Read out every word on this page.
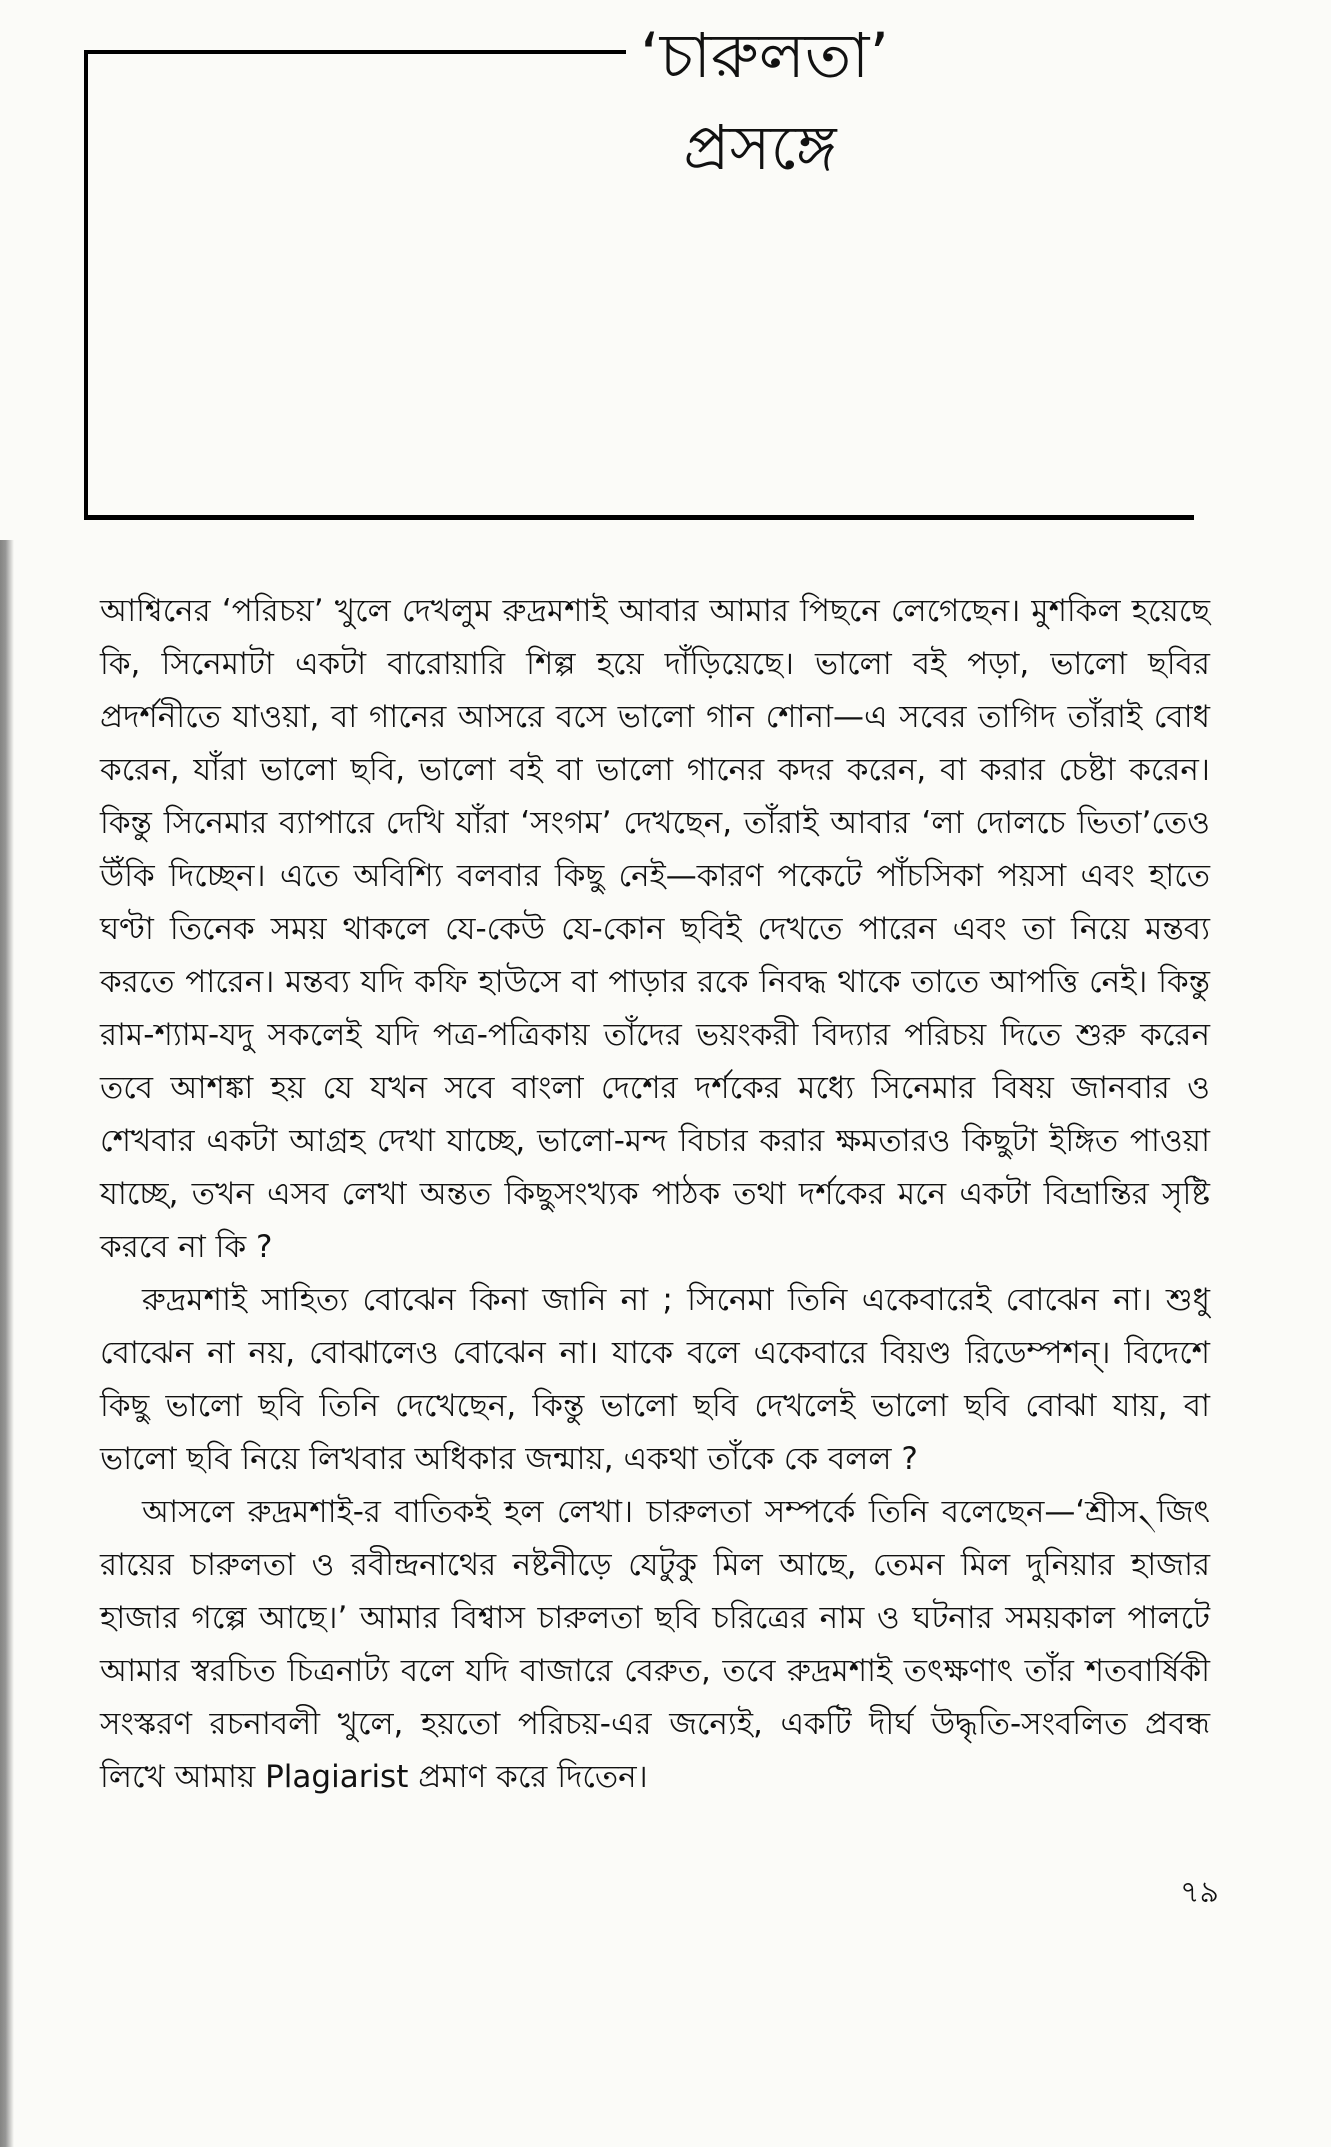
‘চারুলতা’
প্রসঙ্গে

আশ্বিনের ‘পরিচয়’ খুলে দেখলুম রুদ্রমশাই আবার আমার পিছনে লেগেছেন। মুশকিল হয়েছে কি, সিনেমাটা একটা বারোয়ারি শিল্প হয়ে দাঁড়িয়েছে। ভালো বই পড়া, ভালো ছবির প্রদর্শনীতে যাওয়া, বা গানের আসরে বসে ভালো গান শোনা—এ সবের তাগিদ তাঁরাই বোধ করেন, যাঁরা ভালো ছবি, ভালো বই বা ভালো গানের কদর করেন, বা করার চেষ্টা করেন। কিন্তু সিনেমার ব্যাপারে দেখি যাঁরা ‘সংগম’ দেখছেন, তাঁরাই আবার ‘লা দোলচে ভিতা’তেও উঁকি দিচ্ছেন। এতে অবিশ্যি বলবার কিছু নেই—কারণ পকেটে পাঁচসিকা পয়সা এবং হাতে ঘণ্টা তিনেক সময় থাকলে যে-কেউ যে-কোন ছবিই দেখতে পারেন এবং তা নিয়ে মন্তব্য করতে পারেন। মন্তব্য যদি কফি হাউসে বা পাড়ার রকে নিবদ্ধ থাকে তাতে আপত্তি নেই। কিন্তু রাম-শ্যাম-যদু সকলেই যদি পত্র-পত্রিকায় তাঁদের ভয়ংকরী বিদ্যার পরিচয় দিতে শুরু করেন তবে আশঙ্কা হয় যে যখন সবে বাংলা দেশের দর্শকের মধ্যে সিনেমার বিষয় জানবার ও শেখবার একটা আগ্রহ দেখা যাচ্ছে, ভালো-মন্দ বিচার করার ক্ষমতারও কিছুটা ইঙ্গিত পাওয়া যাচ্ছে, তখন এসব লেখা অন্তত কিছুসংখ্যক পাঠক তথা দর্শকের মনে একটা বিভ্রান্তির সৃষ্টি করবে না কি ?

রুদ্রমশাই সাহিত্য বোঝেন কিনা জানি না ; সিনেমা তিনি একেবারেই বোঝেন না। শুধু বোঝেন না নয়, বোঝালেও বোঝেন না। যাকে বলে একেবারে বিয়ণ্ড রিডেম্পশন্। বিদেশে কিছু ভালো ছবি তিনি দেখেছেন, কিন্তু ভালো ছবি দেখলেই ভালো ছবি বোঝা যায়, বা ভালো ছবি নিয়ে লিখবার অধিকার জন্মায়, একথা তাঁকে কে বলল ?

আসলে রুদ্রমশাই-র বাতিকই হল লেখা। চারুলতা সম্পর্কে তিনি বলেছেন—‘শ্রীস৲জিৎ রায়ের চারুলতা ও রবীন্দ্রনাথের নষ্টনীড়ে যেটুকু মিল আছে, তেমন মিল দুনিয়ার হাজার হাজার গল্পে আছে।’ আমার বিশ্বাস চারুলতা ছবি চরিত্রের নাম ও ঘটনার সময়কাল পালটে আমার স্বরচিত চিত্রনাট্য বলে যদি বাজারে বেরুত, তবে রুদ্রমশাই তৎক্ষণাৎ তাঁর শতবার্ষিকী সংস্করণ রচনাবলী খুলে, হয়তো পরিচয়-এর জন্যেই, একটি দীর্ঘ উদ্ধৃতি-সংবলিত প্রবন্ধ লিখে আমায় Plagiarist প্রমাণ করে দিতেন।

৭৯
